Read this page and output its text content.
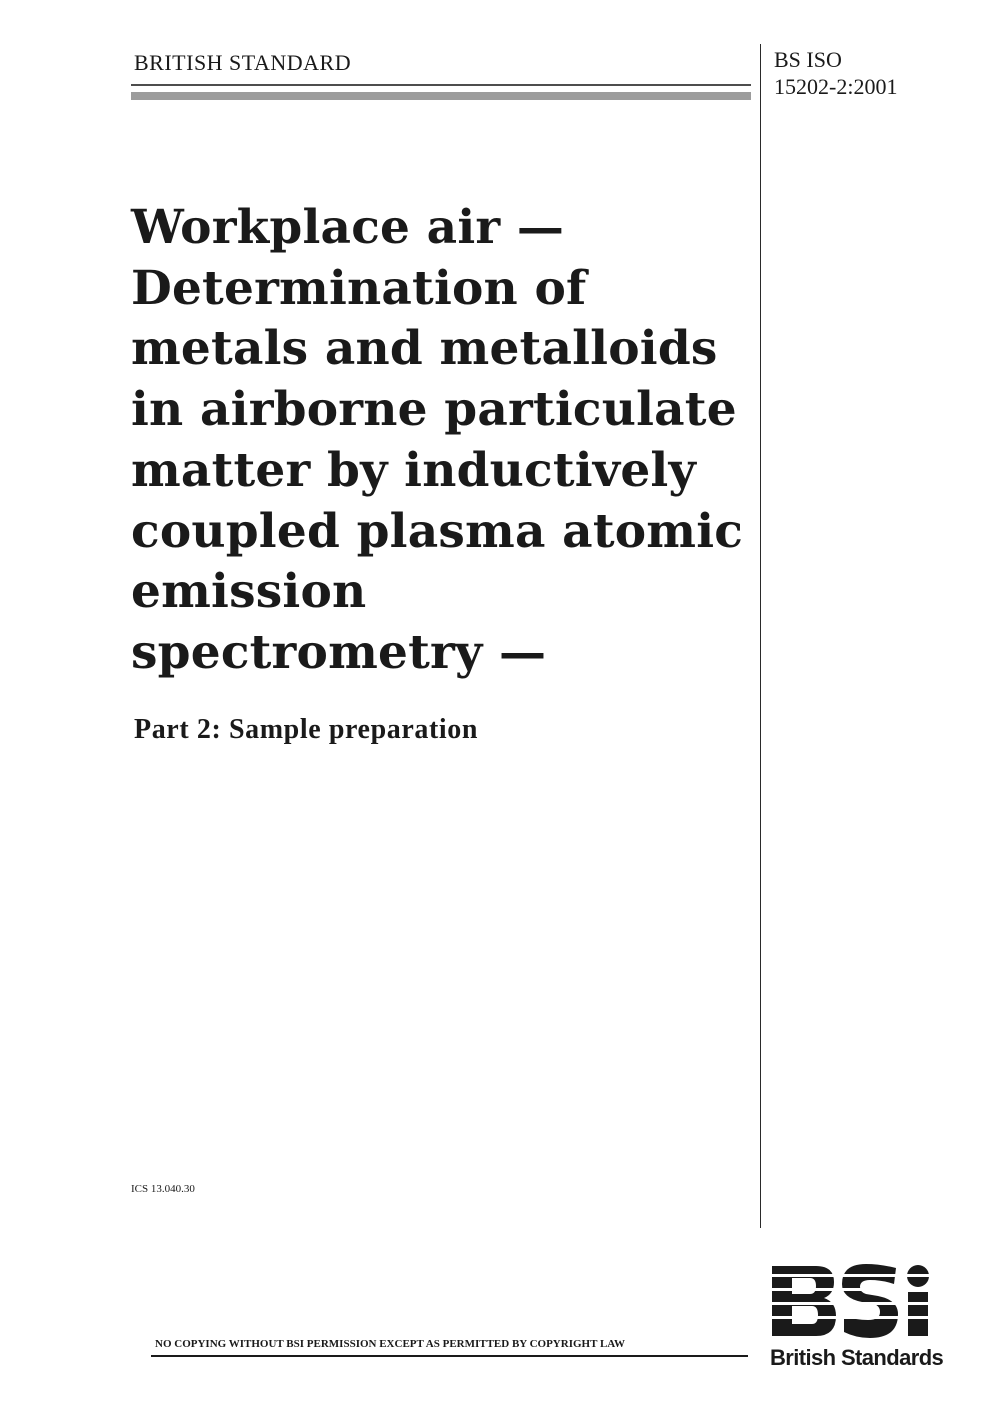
BRITISH STANDARD	BS ISO
15202-2:2001
Workplace air —
Determination of
metals and metalloids
in airborne particulate
matter by inductively
coupled plasma atomic
emission
spectrometry —
Part 2: Sample preparation
ICS 13.040.30
NO COPYING WITHOUT BSI PERMISSION EXCEPT AS PERMITTED BY COPYRIGHT LAW
British Standards
